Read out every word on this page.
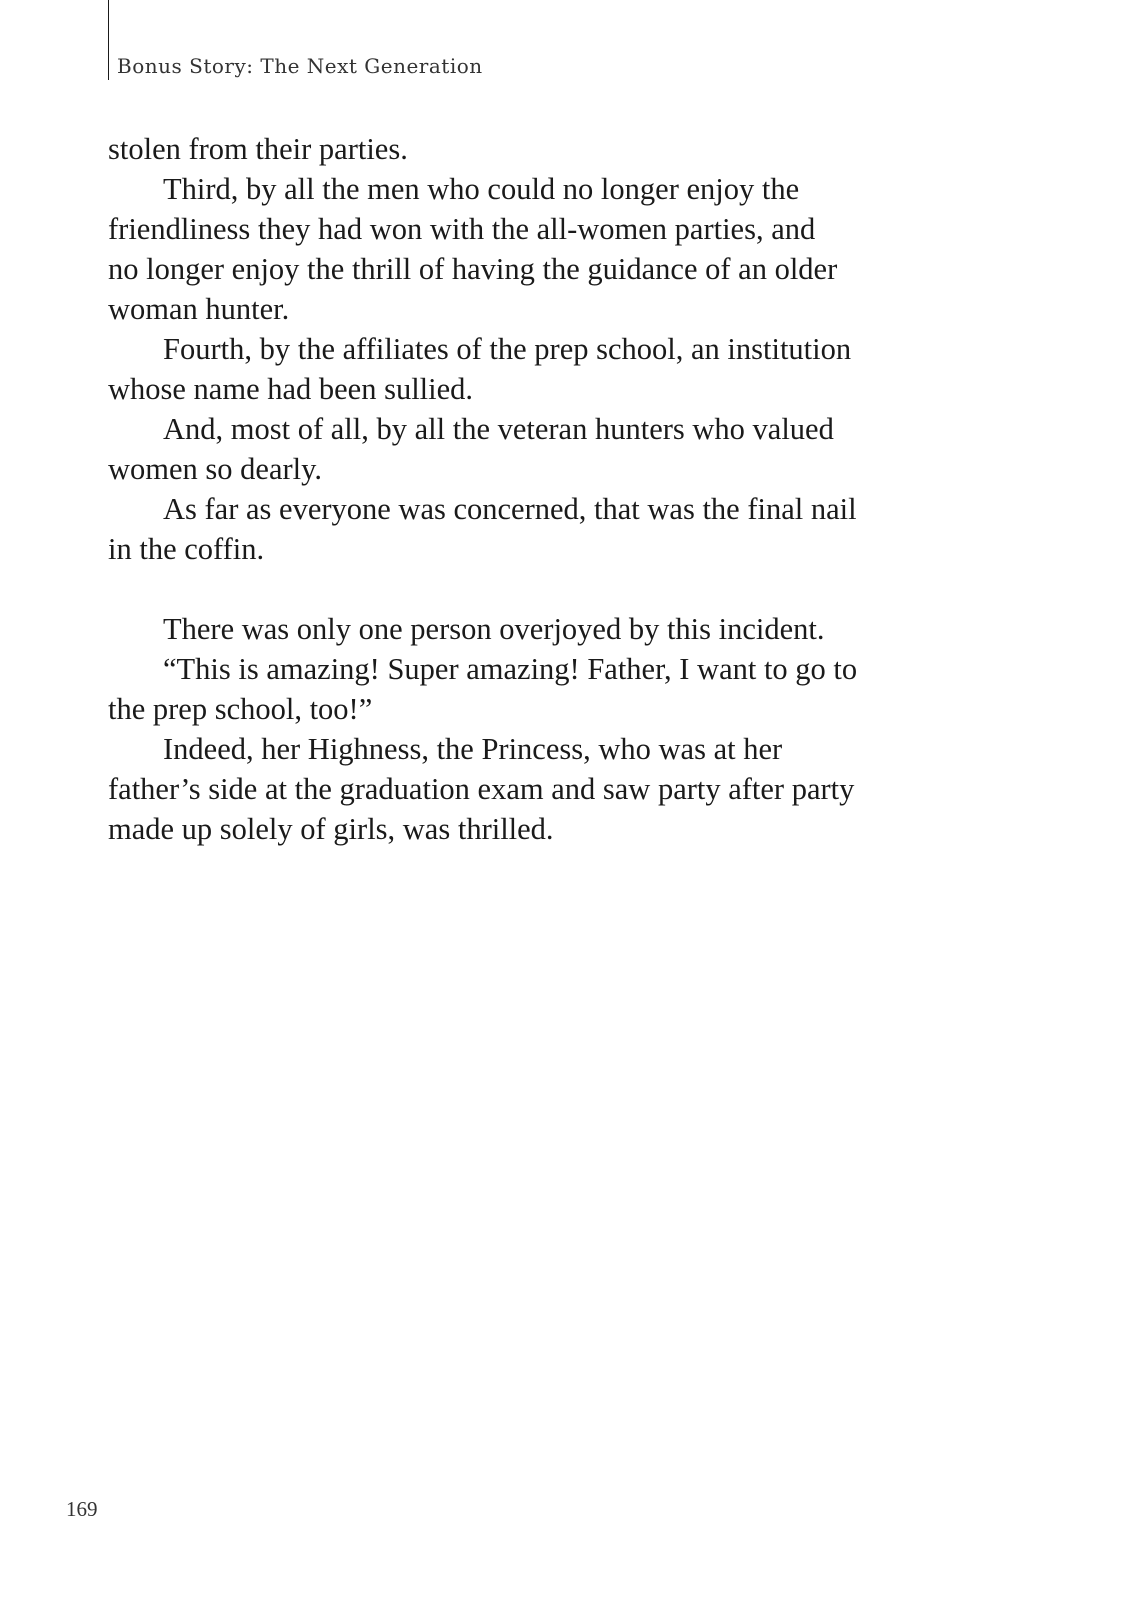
Bonus Story: The Next Generation
stolen from their parties.
Third, by all the men who could no longer enjoy the
friendliness they had won with the all-women parties, and
no longer enjoy the thrill of having the guidance of an older
woman hunter.
Fourth, by the affiliates of the prep school, an institution
whose name had been sullied.
And, most of all, by all the veteran hunters who valued
women so dearly.
As far as everyone was concerned, that was the final nail
in the coffin.
There was only one person overjoyed by this incident.
“This is amazing! Super amazing! Father, I want to go to
the prep school, too!”
Indeed, her Highness, the Princess, who was at her
father’s side at the graduation exam and saw party after party
made up solely of girls, was thrilled.
169
